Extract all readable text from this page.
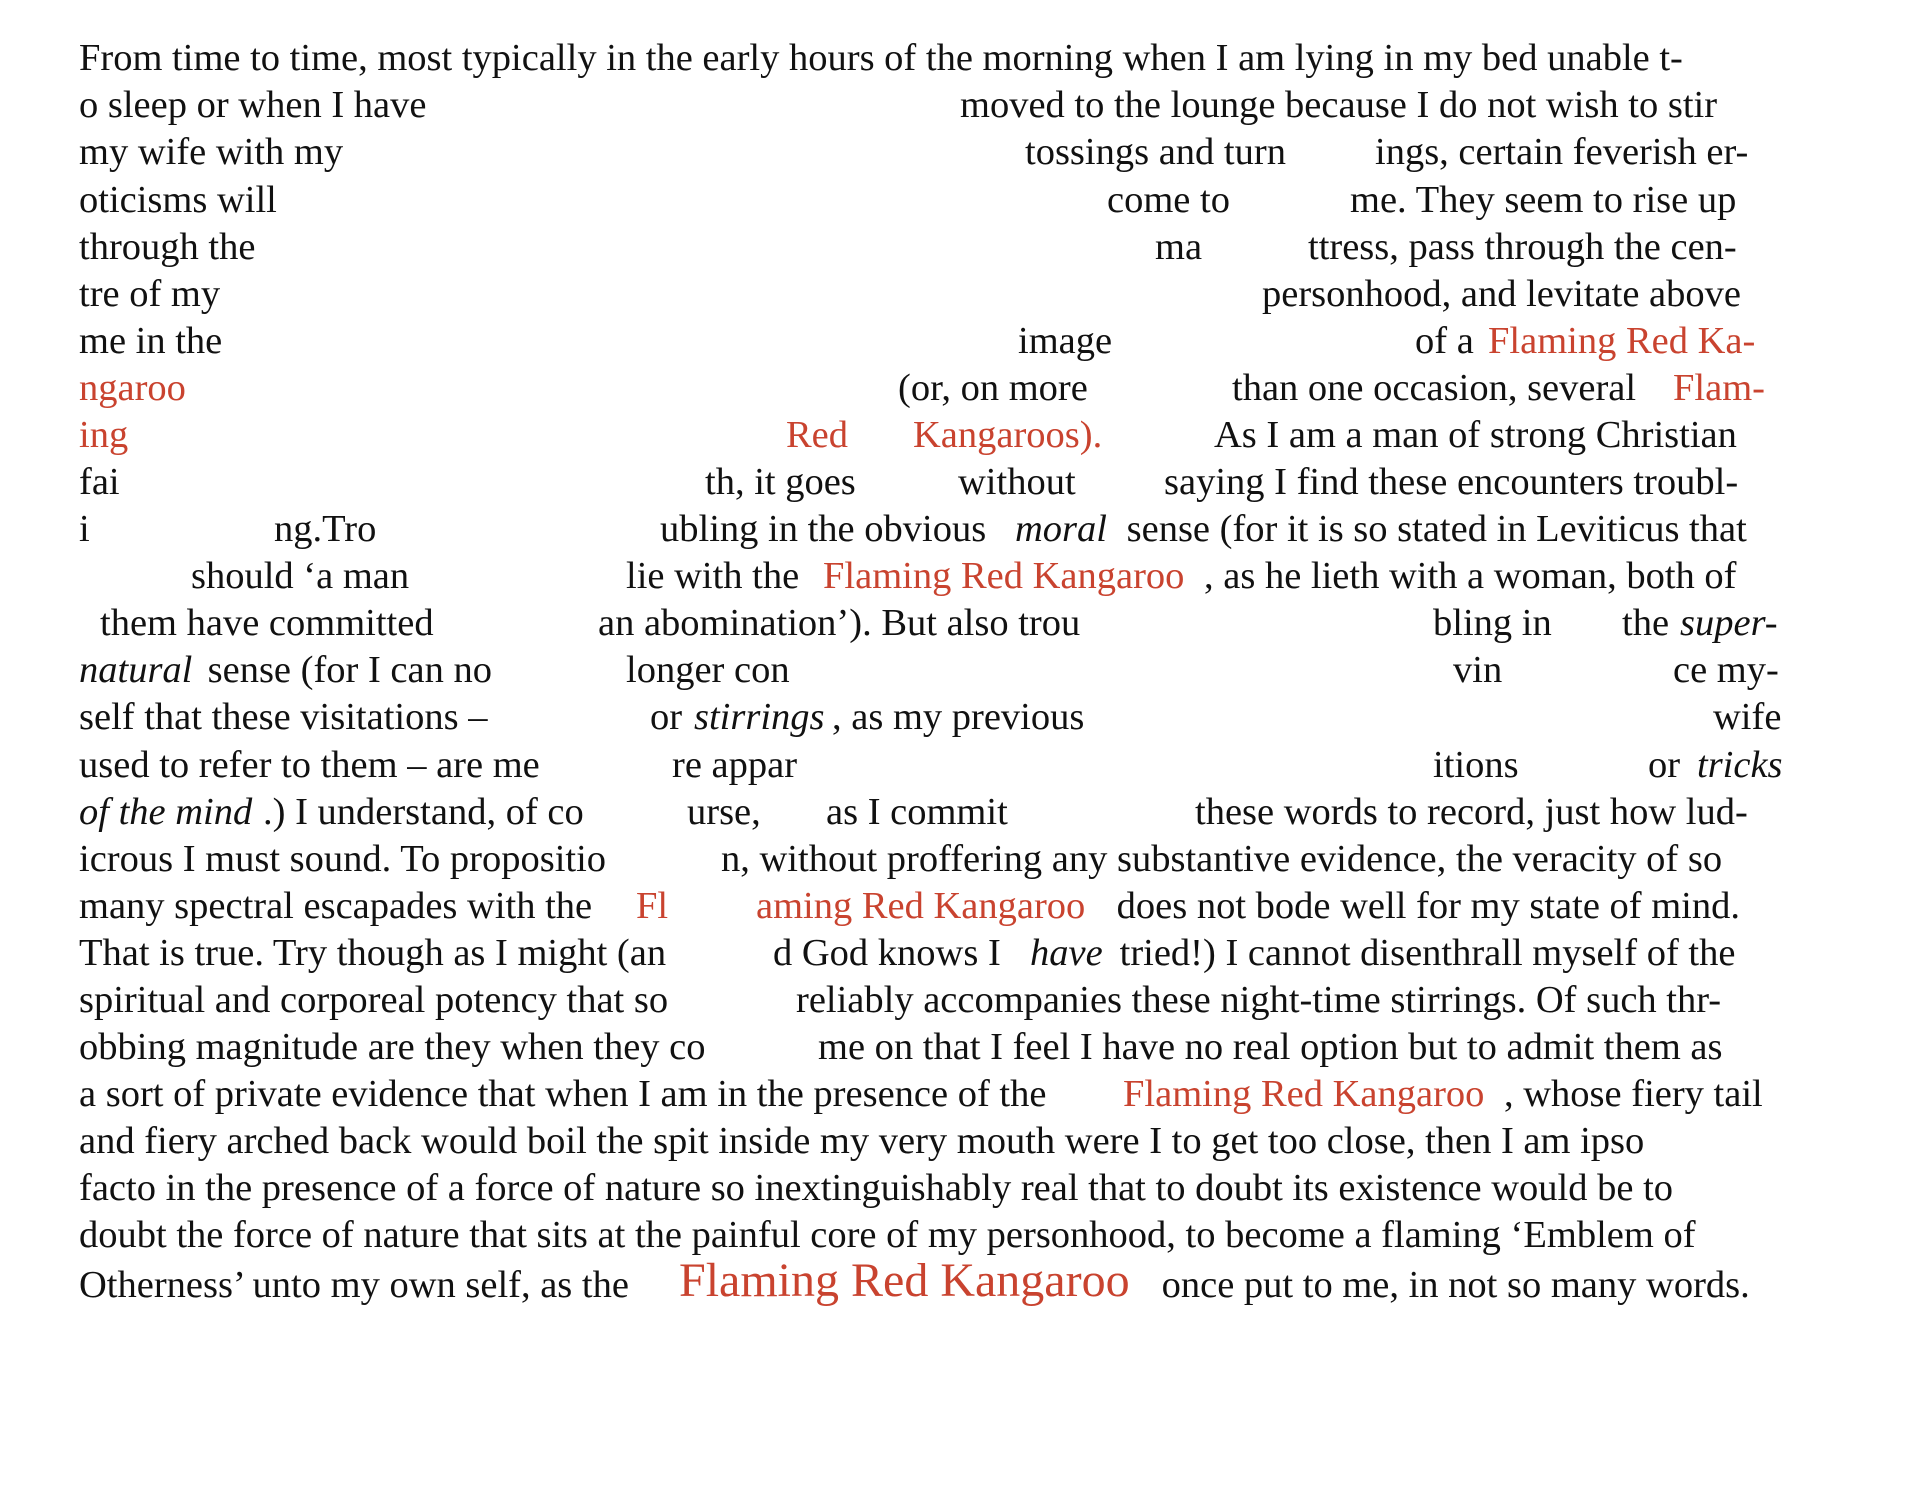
From time to time, most typically in the early hours of the morning when I am lying in my bed unable t-

o sleep or when I have

	moved to the lounge because I do not wish to stir

my wife with my

	tossings and turn

ings, certain feverish er-

oticisms will

	come to

	me. They seem to rise up

through the

	ma

	ttress, pass through the cen-

tre of my

	personhood, and levitate above

me in the

	image

	of a

Flaming Red Ka-

ngaroo

	(or, on more

	than one occasion, several

Flam-

ing

	Red

Kangaroos).

	As I am a man of strong Christian

fai

	th, it goes

	without

saying I find these encounters troubl-

i

	ng.Tro

	ubling in the obvious

moral

sense (for it is so stated in Leviticus that

should ‘a man

	lie with the

Flaming Red Kangaroo

, as he lieth with a woman, both of

them have committed

	an abomination’). But also trou

	bling in

the

super-

natural

sense (for I can no

	longer con

	vin

	ce my-

self that these visitations –

	or

stirrings

, as my previous

	wife

used to refer to them – are me

	re appar

	itions

	or

tricks

of the mind

.) I understand, of co

	urse,

as I commit

	these words to record, just how lud-

icrous I must sound. To propositio

	n, without proffering any substantive evidence, the veracity of so

many spectral escapades with the

Fl

aming Red Kangaroo

does not bode well for my state of mind.

That is true. Try though as I might (an

	d God knows I

have

tried!) I cannot disenthrall myself of the

spiritual and corporeal potency that so

	reliably accompanies these night-time stirrings. Of such thr-

obbing magnitude are they when they co

	me on that I feel I have no real option but to admit them as

a sort of private evidence that when I am in the presence of the

Flaming Red Kangaroo

, whose fiery tail

and fiery arched back would boil the spit inside my very mouth were I to get too close, then I am ipso

facto in the presence of a force of nature so inextinguishably real that to doubt its existence would be to

doubt the force of nature that sits at the painful core of my personhood, to become a flaming ‘Emblem of

Otherness’ unto my own self, as the

Flaming Red Kangaroo

once put to me, in not so many words.
